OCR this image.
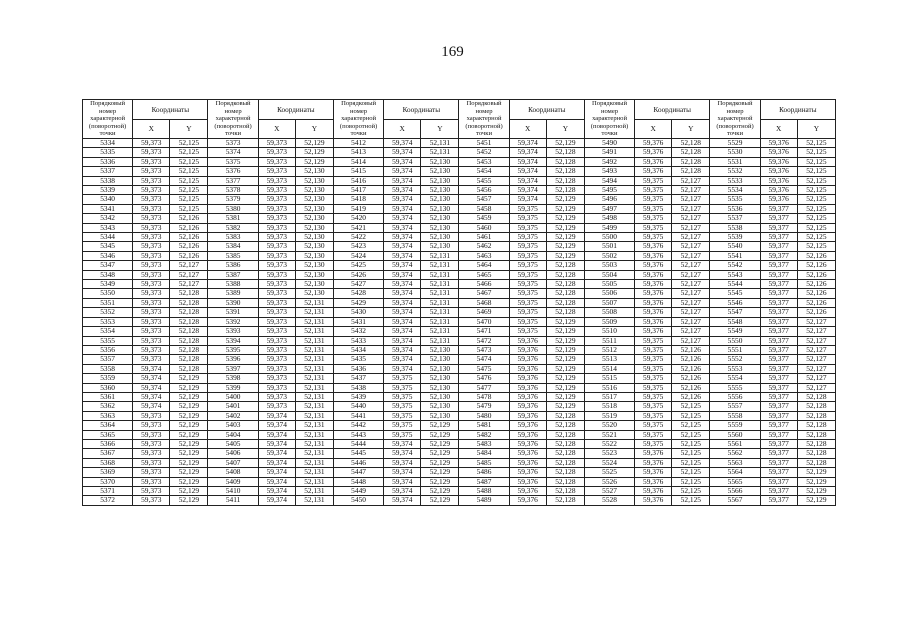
169
Порядковый
номер
характерной
(поворотной)
точки	Координаты		Порядковый
номер
характерной
(поворотной)
точки	Координаты		Порядковый
номер
характерной
(поворотной)
точки	Координаты		Порядковый
номер
характерной
(поворотной)
точки	Координаты		Порядковый
номер
характерной
(поворотной)
точки	Координаты		Порядковый
номер
характерной
(поворотной)
точки	Координаты	
	X	Y		X	Y		X	Y		X	Y		X	Y		X	Y
5334	59,373	52,125	5373	59,373	52,129	5412	59,374	52,131	5451	59,374	52,129	5490	59,376	52,128	5529	59,376	52,125
5335	59,373	52,125	5374	59,373	52,129	5413	59,374	52,131	5452	59,374	52,128	5491	59,376	52,128	5530	59,376	52,125
5336	59,373	52,125	5375	59,373	52,129	5414	59,374	52,130	5453	59,374	52,128	5492	59,376	52,128	5531	59,376	52,125
5337	59,373	52,125	5376	59,373	52,130	5415	59,374	52,130	5454	59,374	52,128	5493	59,376	52,128	5532	59,376	52,125
5338	59,373	52,125	5377	59,373	52,130	5416	59,374	52,130	5455	59,374	52,128	5494	59,375	52,127	5533	59,376	52,125
5339	59,373	52,125	5378	59,373	52,130	5417	59,374	52,130	5456	59,374	52,128	5495	59,375	52,127	5534	59,376	52,125
5340	59,373	52,125	5379	59,373	52,130	5418	59,374	52,130	5457	59,374	52,129	5496	59,375	52,127	5535	59,376	52,125
5341	59,373	52,125	5380	59,373	52,130	5419	59,374	52,130	5458	59,375	52,129	5497	59,375	52,127	5536	59,377	52,125
5342	59,373	52,126	5381	59,373	52,130	5420	59,374	52,130	5459	59,375	52,129	5498	59,375	52,127	5537	59,377	52,125
5343	59,373	52,126	5382	59,373	52,130	5421	59,374	52,130	5460	59,375	52,129	5499	59,375	52,127	5538	59,377	52,125
5344	59,373	52,126	5383	59,373	52,130	5422	59,374	52,130	5461	59,375	52,129	5500	59,375	52,127	5539	59,377	52,125
5345	59,373	52,126	5384	59,373	52,130	5423	59,374	52,130	5462	59,375	52,129	5501	59,376	52,127	5540	59,377	52,125
5346	59,373	52,126	5385	59,373	52,130	5424	59,374	52,131	5463	59,375	52,129	5502	59,376	52,127	5541	59,377	52,126
5347	59,373	52,127	5386	59,373	52,130	5425	59,374	52,131	5464	59,375	52,128	5503	59,376	52,127	5542	59,377	52,126
5348	59,373	52,127	5387	59,373	52,130	5426	59,374	52,131	5465	59,375	52,128	5504	59,376	52,127	5543	59,377	52,126
5349	59,373	52,127	5388	59,373	52,130	5427	59,374	52,131	5466	59,375	52,128	5505	59,376	52,127	5544	59,377	52,126
5350	59,373	52,128	5389	59,373	52,130	5428	59,374	52,131	5467	59,375	52,128	5506	59,376	52,127	5545	59,377	52,126
5351	59,373	52,128	5390	59,373	52,131	5429	59,374	52,131	5468	59,375	52,128	5507	59,376	52,127	5546	59,377	52,126
5352	59,373	52,128	5391	59,373	52,131	5430	59,374	52,131	5469	59,375	52,128	5508	59,376	52,127	5547	59,377	52,126
5353	59,373	52,128	5392	59,373	52,131	5431	59,374	52,131	5470	59,375	52,129	5509	59,376	52,127	5548	59,377	52,127
5354	59,373	52,128	5393	59,373	52,131	5432	59,374	52,131	5471	59,375	52,129	5510	59,376	52,127	5549	59,377	52,127
5355	59,373	52,128	5394	59,373	52,131	5433	59,374	52,131	5472	59,376	52,129	5511	59,375	52,127	5550	59,377	52,127
5356	59,373	52,128	5395	59,373	52,131	5434	59,374	52,130	5473	59,376	52,129	5512	59,375	52,126	5551	59,377	52,127
5357	59,373	52,128	5396	59,373	52,131	5435	59,374	52,130	5474	59,376	52,129	5513	59,375	52,126	5552	59,377	52,127
5358	59,374	52,128	5397	59,373	52,131	5436	59,374	52,130	5475	59,376	52,129	5514	59,375	52,126	5553	59,377	52,127
5359	59,374	52,129	5398	59,373	52,131	5437	59,375	52,130	5476	59,376	52,129	5515	59,375	52,126	5554	59,377	52,127
5360	59,374	52,129	5399	59,373	52,131	5438	59,375	52,130	5477	59,376	52,129	5516	59,375	52,126	5555	59,377	52,127
5361	59,374	52,129	5400	59,373	52,131	5439	59,375	52,130	5478	59,376	52,129	5517	59,375	52,126	5556	59,377	52,128
5362	59,374	52,129	5401	59,373	52,131	5440	59,375	52,130	5479	59,376	52,129	5518	59,375	52,125	5557	59,377	52,128
5363	59,373	52,129	5402	59,374	52,131	5441	59,375	52,130	5480	59,376	52,128	5519	59,375	52,125	5558	59,377	52,128
5364	59,373	52,129	5403	59,374	52,131	5442	59,375	52,129	5481	59,376	52,128	5520	59,375	52,125	5559	59,377	52,128
5365	59,373	52,129	5404	59,374	52,131	5443	59,375	52,129	5482	59,376	52,128	5521	59,375	52,125	5560	59,377	52,128
5366	59,373	52,129	5405	59,374	52,131	5444	59,374	52,129	5483	59,376	52,128	5522	59,375	52,125	5561	59,377	52,128
5367	59,373	52,129	5406	59,374	52,131	5445	59,374	52,129	5484	59,376	52,128	5523	59,376	52,125	5562	59,377	52,128
5368	59,373	52,129	5407	59,374	52,131	5446	59,374	52,129	5485	59,376	52,128	5524	59,376	52,125	5563	59,377	52,128
5369	59,373	52,129	5408	59,374	52,131	5447	59,374	52,129	5486	59,376	52,128	5525	59,376	52,125	5564	59,377	52,129
5370	59,373	52,129	5409	59,374	52,131	5448	59,374	52,129	5487	59,376	52,128	5526	59,376	52,125	5565	59,377	52,129
5371	59,373	52,129	5410	59,374	52,131	5449	59,374	52,129	5488	59,376	52,128	5527	59,376	52,125	5566	59,377	52,129
5372	59,373	52,129	5411	59,374	52,131	5450	59,374	52,129	5489	59,376	52,128	5528	59,376	52,125	5567	59,377	52,129
